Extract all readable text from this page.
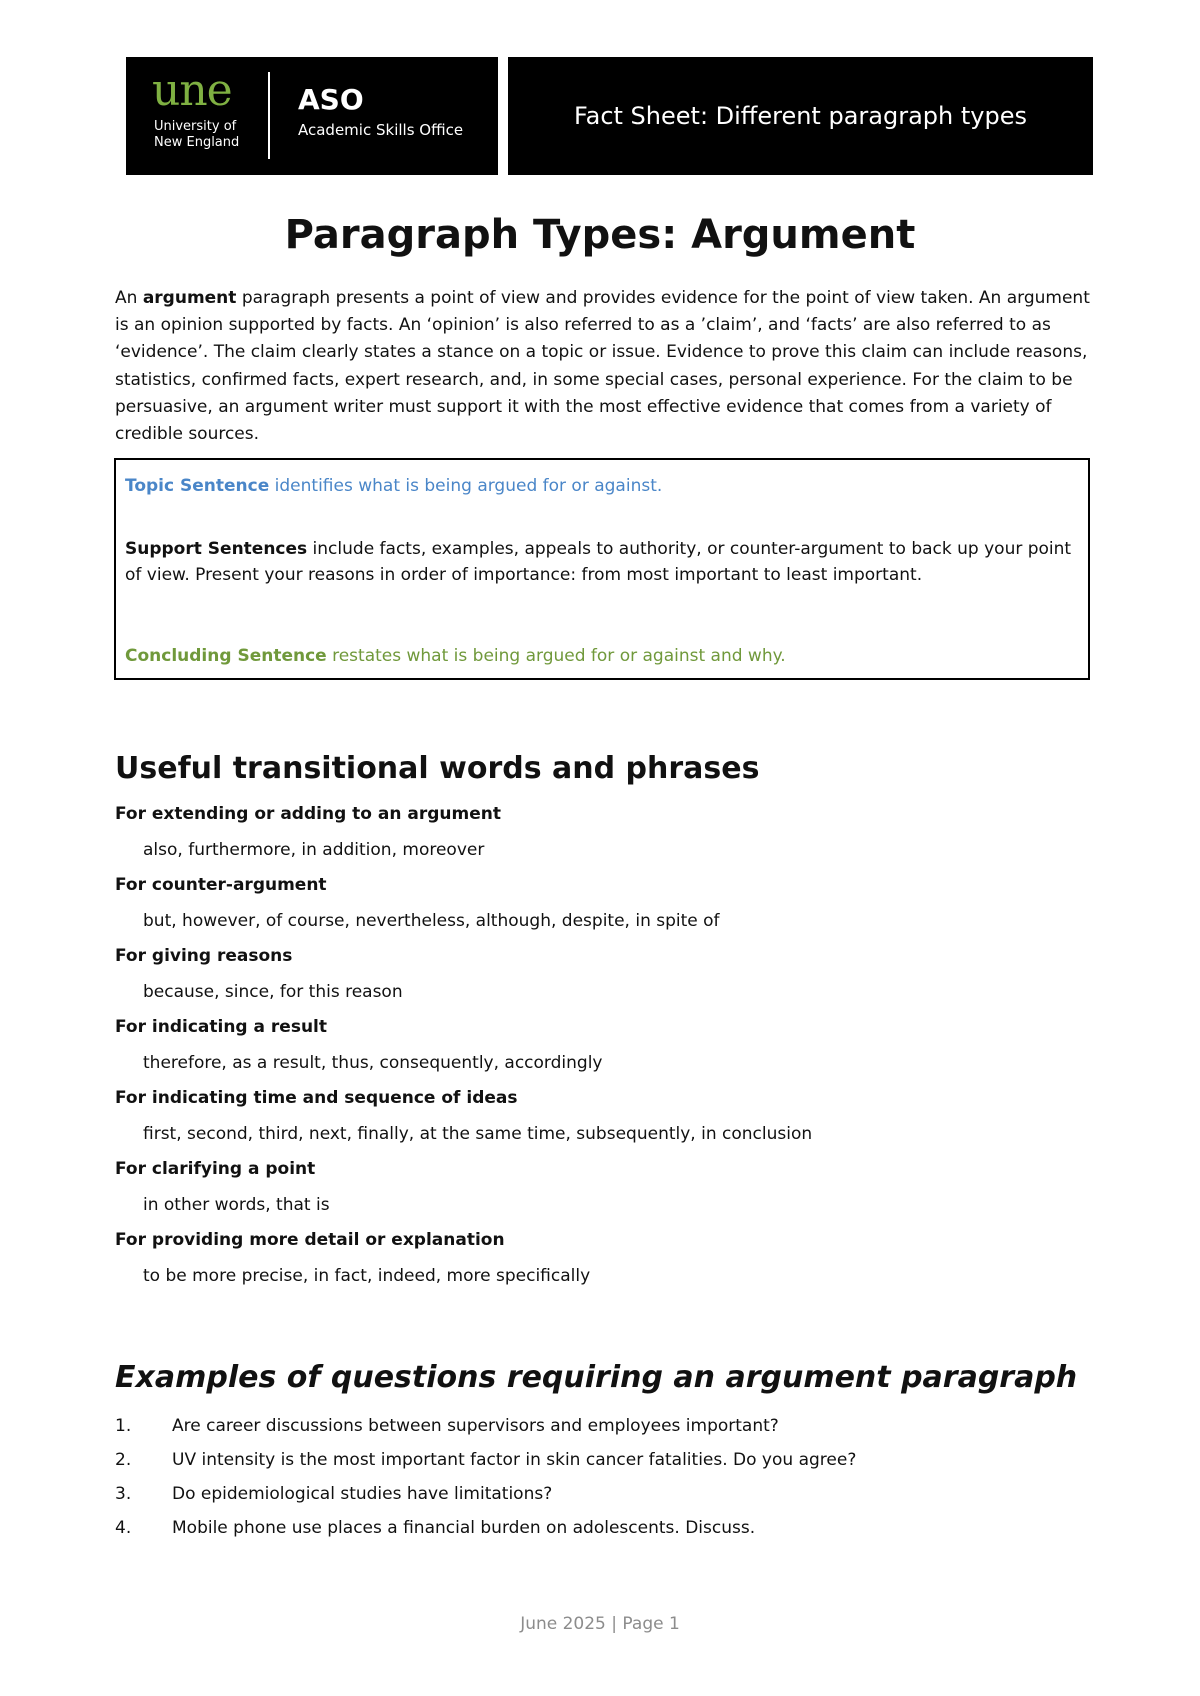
une
University of
New England
ASO
Academic Skills Office	Fact Sheet: Different paragraph types
Paragraph Types: Argument

An argument paragraph presents a point of view and provides evidence for the point of view taken. An argument is an opinion supported by facts. An ‘opinion’ is also referred to as a ’claim’, and ‘facts’ are also referred to as ‘evidence’. The claim clearly states a stance on a topic or issue. Evidence to prove this claim can include reasons, statistics, confirmed facts, expert research, and, in some special cases, personal experience. For the claim to be persuasive, an argument writer must support it with the most effective evidence that comes from a variety of credible sources.

Topic Sentence identifies what is being argued for or against.

Support Sentences include facts, examples, appeals to authority, or counter-argument to back up your point of view. Present your reasons in order of importance: from most important to least important.

Concluding Sentence restates what is being argued for or against and why.

Useful transitional words and phrases
For extending or adding to an argument
also, furthermore, in addition, moreover
For counter-argument
but, however, of course, nevertheless, although, despite, in spite of
For giving reasons
because, since, for this reason
For indicating a result
therefore, as a result, thus, consequently, accordingly
For indicating time and sequence of ideas
first, second, third, next, finally, at the same time, subsequently, in conclusion
For clarifying a point
in other words, that is
For providing more detail or explanation
to be more precise, in fact, indeed, more specifically
Examples of questions requiring an argument paragraph
1.	Are career discussions between supervisors and employees important?
2.	UV intensity is the most important factor in skin cancer fatalities. Do you agree?
3.	Do epidemiological studies have limitations?
4.	Mobile phone use places a financial burden on adolescents. Discuss.
June 2025 | Page 1
